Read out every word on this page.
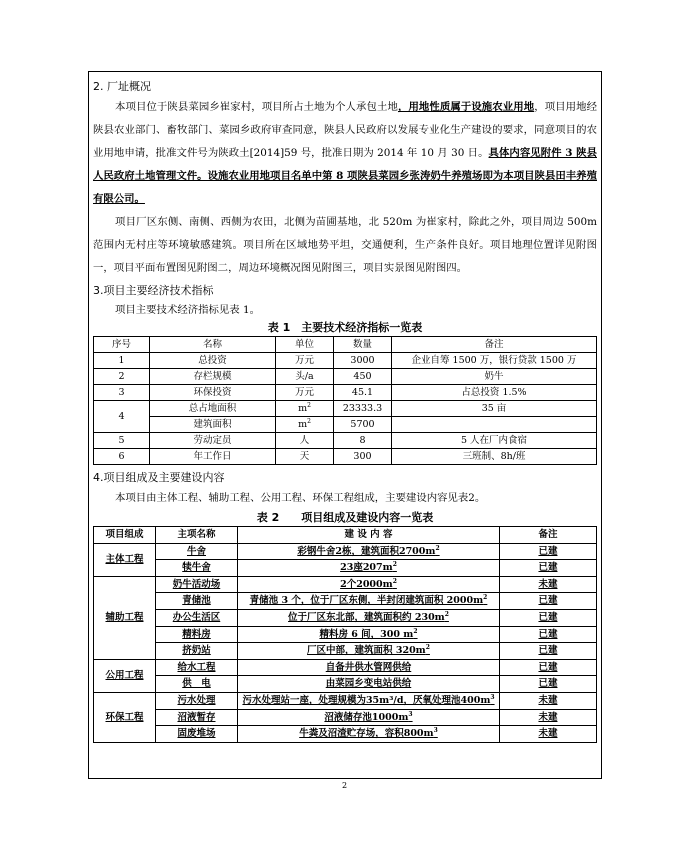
2. 厂址概况

本项目位于陕县菜园乡崔家村，项目所占土地为个人承包土地，用地性质属于设施农业用地，项目用地经陕县农业部门、畜牧部门、菜园乡政府审查同意，陕县人民政府以发展专业化生产建设的要求，同意项目的农业用地申请，批准文件号为陕政土[2014]59 号，批准日期为 2014 年 10 月 30 日。具体内容见附件 3 陕县人民政府土地管理文件。设施农业用地项目名单中第 8 项陕县菜园乡张涛奶牛养殖场即为本项目陕县田丰养殖有限公司。

项目厂区东侧、南侧、西侧为农田，北侧为苗圃基地，北 520m 为崔家村，除此之外，项目周边 500m 范围内无村庄等环境敏感建筑。项目所在区域地势平坦，交通便利，生产条件良好。项目地理位置详见附图一，项目平面布置图见附图二，周边环境概况图见附图三，项目实景图见附图四。

3.项目主要经济技术指标

项目主要技术经济指标见表 1。

表 1　主要技术经济指标一览表

序号	名称	单位	数量	备注
1	总投资	万元	3000	企业自筹 1500 万，银行贷款 1500 万
2	存栏规模	头/a	450	奶牛
3	环保投资	万元	45.1	占总投资 1.5%
4	总占地面积	$m^2$	23333.3	35 亩
	建筑面积	$m^2$	5700	
5	劳动定员	人	8	5 人在厂内食宿
6	年工作日	天	300	三班制、8h/班
4.项目组成及主要建设内容

本项目由主体工程、辅助工程、公用工程、环保工程组成，主要建设内容见表2。

表 2　　项目组成及建设内容一览表

项目组成	主项名称	建 设 内 容	备注
主体工程	牛舍	彩钢牛舍2栋，建筑面积$2700m^2$	已建
	犊牛舍	23座$207m^2$	已建
辅助工程	奶牛活动场	2个$2000m^2$	未建
	青储池	青储池 3 个，位于厂区东侧，半封闭建筑面积 $2000m^2$	已建
	办公生活区	位于厂区东北部，建筑面积约 $230m^2$	已建
	精料房	精料房 6 间，300 $m^2$	已建
	挤奶站	厂区中部，建筑面积 $320m^2$	已建
公用工程	给水工程	自备井供水管网供给	已建
	供　电	由菜园乡变电站供给	已建
环保工程	污水处理	污水处理站一座，处理规模为35m³/d，厌氧处理池$400m^3$	未建
	沼液暂存	沼液储存池$1000m^3$	未建
	固废堆场	牛粪及沼渣贮存场，容积$800m^3$	未建
2
